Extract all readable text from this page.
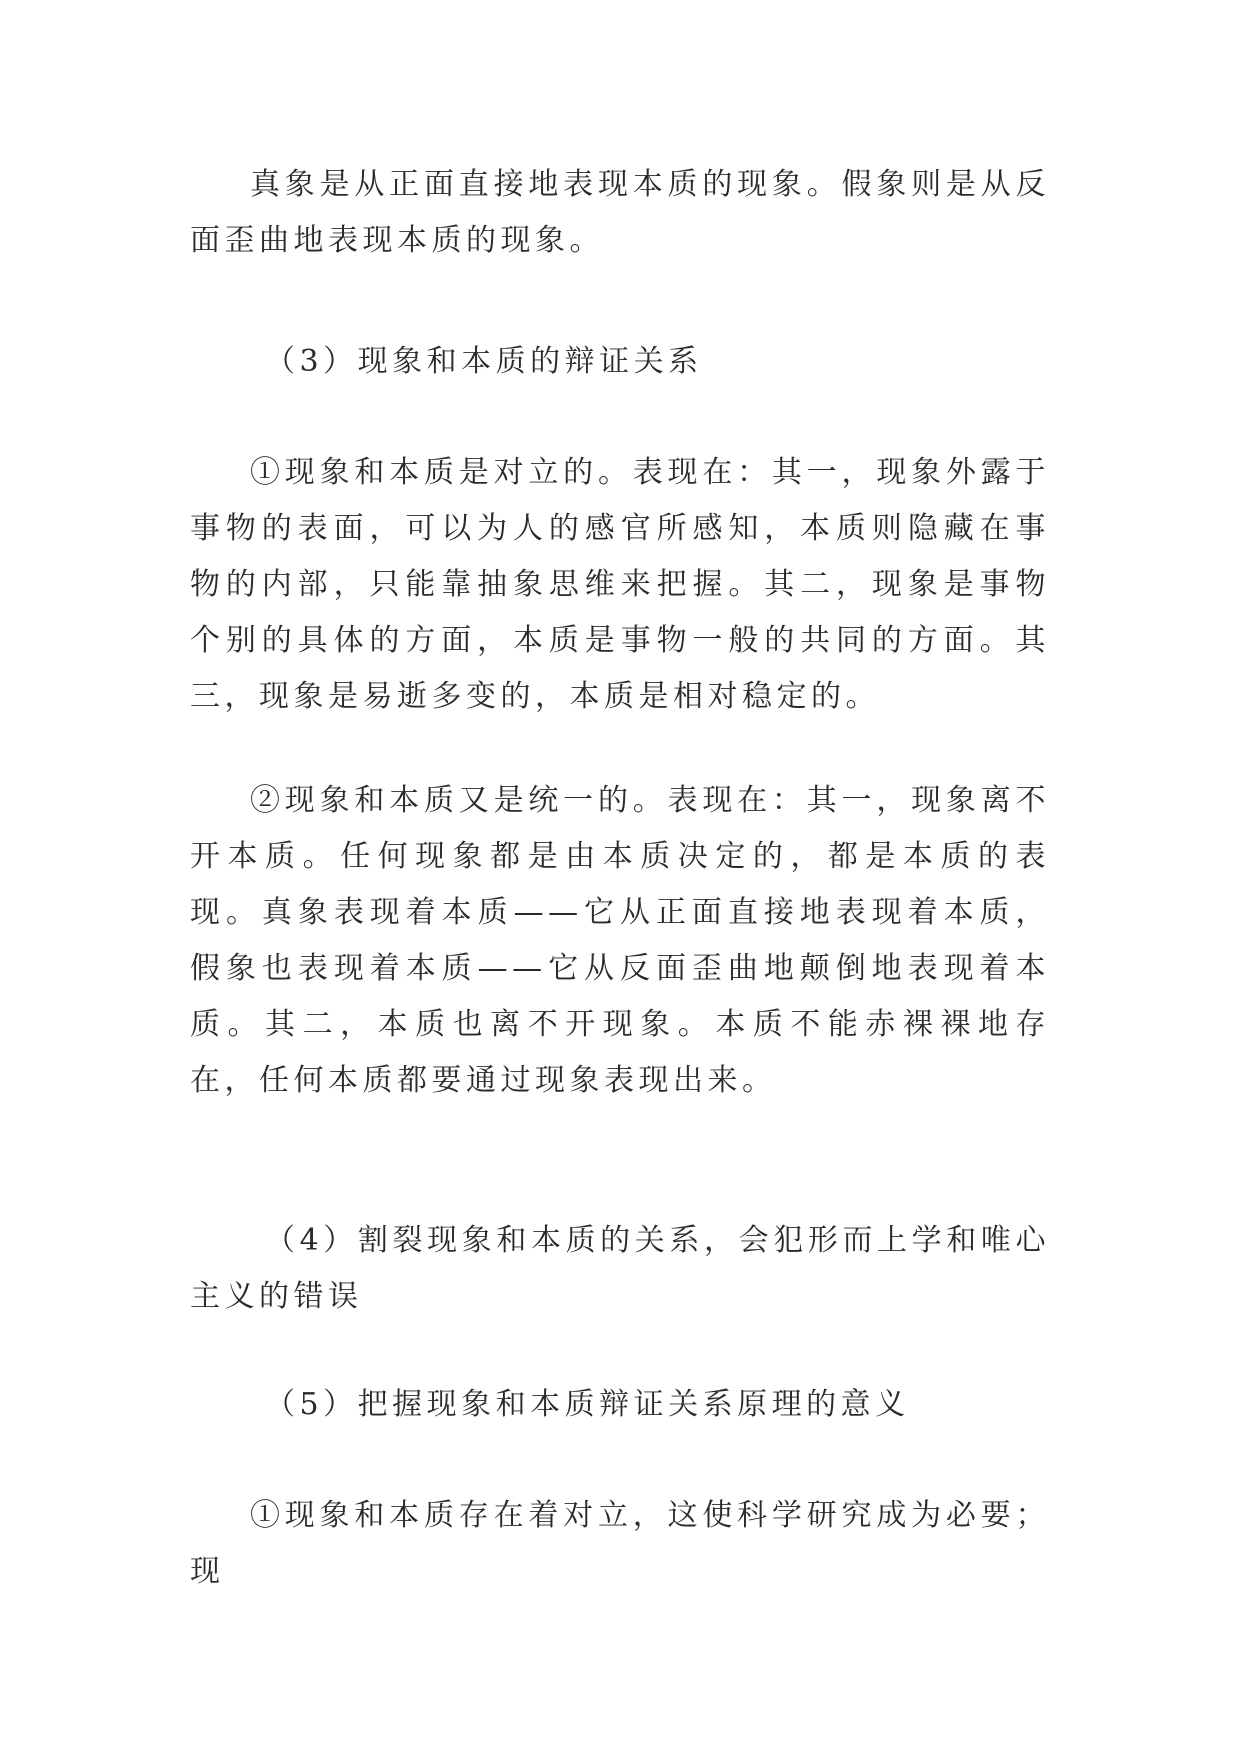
真象是从正面直接地表现本质的现象。假象则是从反面歪曲地表现本质的现象。

（3）现象和本质的辩证关系

①现象和本质是对立的。表现在：其一，现象外露于事物的表面，可以为人的感官所感知，本质则隐藏在事物的内部，只能靠抽象思维来把握。其二，现象是事物个别的具体的方面，本质是事物一般的共同的方面。其三，现象是易逝多变的，本质是相对稳定的。

②现象和本质又是统一的。表现在：其一，现象离不开本质。任何现象都是由本质决定的，都是本质的表现。真象表现着本质——它从正面直接地表现着本质，假象也表现着本质——它从反面歪曲地颠倒地表现着本质。其二，本质也离不开现象。本质不能赤裸裸地存在，任何本质都要通过现象表现出来。

（4）割裂现象和本质的关系，会犯形而上学和唯心主义的错误

（5）把握现象和本质辩证关系原理的意义

①现象和本质存在着对立，这使科学研究成为必要；现
